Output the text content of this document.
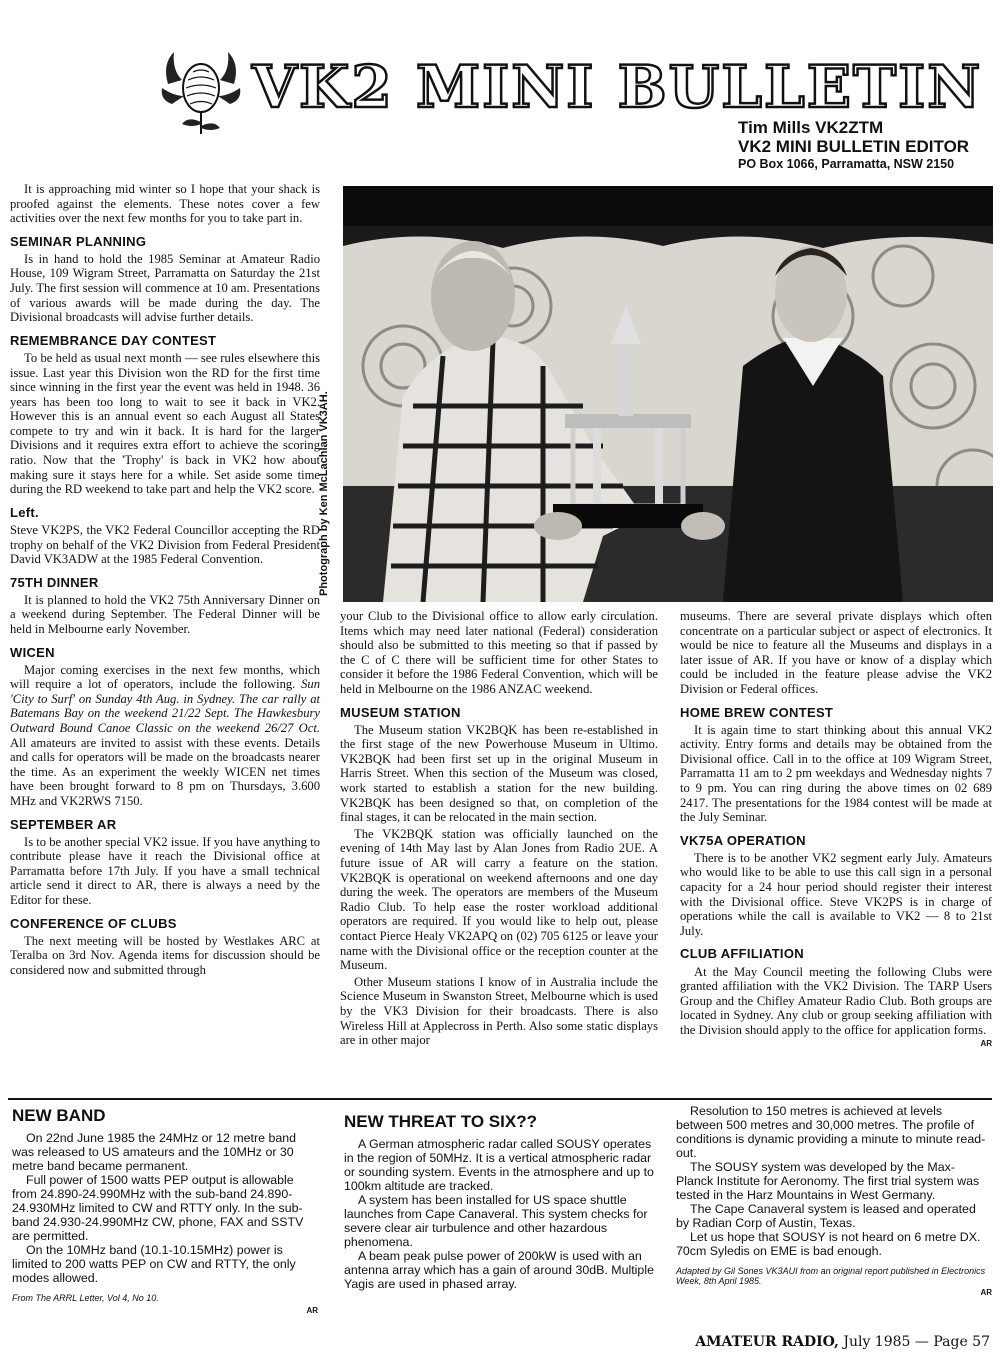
VK2 MINI BULLETIN
Tim Mills VK2ZTM
VK2 MINI BULLETIN EDITOR
PO Box 1066, Parramatta, NSW 2150

It is approaching mid winter so I hope that your shack is proofed against the elements. These notes cover a few activities over the next few months for you to take part in.

SEMINAR PLANNING

Is in hand to hold the 1985 Seminar at Amateur Radio House, 109 Wigram Street, Parramatta on Saturday the 21st July. The first session will commence at 10 am. Presentations of various awards will be made during the day. The Divisional broadcasts will advise further details.

REMEMBRANCE DAY CONTEST

To be held as usual next month — see rules elsewhere this issue. Last year this Division won the RD for the first time since winning in the first year the event was held in 1948. 36 years has been too long to wait to see it back in VK2. However this is an annual event so each August all States compete to try and win it back. It is hard for the larger Divisions and it requires extra effort to achieve the scoring ratio. Now that the 'Trophy' is back in VK2 how about making sure it stays here for a while. Set aside some time during the RD weekend to take part and help the VK2 score.

Left.

Steve VK2PS, the VK2 Federal Councillor accepting the RD trophy on behalf of the VK2 Division from Federal President David VK3ADW at the 1985 Federal Convention.

75TH DINNER

It is planned to hold the VK2 75th Anniversary Dinner on a weekend during September. The Federal Dinner will be held in Melbourne early November.

WICEN

Major coming exercises in the next few months, which will require a lot of operators, include the following. Sun 'City to Surf' on Sunday 4th Aug. in Sydney. The car rally at Batemans Bay on the weekend 21/22 Sept. The Hawkesbury Outward Bound Canoe Classic on the weekend 26/27 Oct. All amateurs are invited to assist with these events. Details and calls for operators will be made on the broadcasts nearer the time. As an experiment the weekly WICEN net times have been brought forward to 8 pm on Thursdays, 3.600 MHz and VK2RWS 7150.

SEPTEMBER AR

Is to be another special VK2 issue. If you have anything to contribute please have it reach the Divisional office at Parramatta before 17th July. If you have a small technical article send it direct to AR, there is always a need by the Editor for these.

CONFERENCE OF CLUBS

The next meeting will be hosted by Westlakes ARC at Teralba on 3rd Nov. Agenda items for discussion should be considered now and submitted through

Photograph by Ken McLachlan VK3AH.

your Club to the Divisional office to allow early circulation. Items which may need later national (Federal) consideration should also be submitted to this meeting so that if passed by the C of C there will be sufficient time for other States to consider it before the 1986 Federal Convention, which will be held in Melbourne on the 1986 ANZAC weekend.

MUSEUM STATION

The Museum station VK2BQK has been re-established in the first stage of the new Powerhouse Museum in Ultimo. VK2BQK had been first set up in the original Museum in Harris Street. When this section of the Museum was closed, work started to establish a station for the new building. VK2BQK has been designed so that, on completion of the final stages, it can be relocated in the main section.

The VK2BQK station was officially launched on the evening of 14th May last by Alan Jones from Radio 2UE. A future issue of AR will carry a feature on the station. VK2BQK is operational on weekend afternoons and one day during the week. The operators are members of the Museum Radio Club. To help ease the roster workload additional operators are required. If you would like to help out, please contact Pierce Healy VK2APQ on (02) 705 6125 or leave your name with the Divisional office or the reception counter at the Museum.

Other Museum stations I know of in Australia include the Science Museum in Swanston Street, Melbourne which is used by the VK3 Division for their broadcasts. There is also Wireless Hill at Applecross in Perth. Also some static displays are in other major

museums. There are several private displays which often concentrate on a particular subject or aspect of electronics. It would be nice to feature all the Museums and displays in a later issue of AR. If you have or know of a display which could be included in the feature please advise the VK2 Division or Federal offices.

HOME BREW CONTEST

It is again time to start thinking about this annual VK2 activity. Entry forms and details may be obtained from the Divisional office. Call in to the office at 109 Wigram Street, Parramatta 11 am to 2 pm weekdays and Wednesday nights 7 to 9 pm. You can ring during the above times on 02 689 2417. The presentations for the 1984 contest will be made at the July Seminar.

VK75A OPERATION

There is to be another VK2 segment early July. Amateurs who would like to be able to use this call sign in a personal capacity for a 24 hour period should register their interest with the Divisional office. Steve VK2PS is in charge of operations while the call is available to VK2 — 8 to 21st July.

CLUB AFFILIATION

At the May Council meeting the following Clubs were granted affiliation with the VK2 Division. The TARP Users Group and the Chifley Amateur Radio Club. Both groups are located in Sydney. Any club or group seeking affiliation with the Division should apply to the office for application forms.

AR
NEW BAND

On 22nd June 1985 the 24MHz or 12 metre band was released to US amateurs and the 10MHz or 30 metre band became permanent.

Full power of 1500 watts PEP output is allowable from 24.890-24.990MHz with the sub-band 24.890-24.930MHz limited to CW and RTTY only. In the sub-band 24.930-24.990MHz CW, phone, FAX and SSTV are permitted.

On the 10MHz band (10.1-10.15MHz) power is limited to 200 watts PEP on CW and RTTY, the only modes allowed.

From The ARRL Letter, Vol 4, No 10.
AR
NEW THREAT TO SIX??

A German atmospheric radar called SOUSY operates in the region of 50MHz. It is a vertical atmospheric radar or sounding system. Events in the atmosphere and up to 100km altitude are tracked.

A system has been installed for US space shuttle launches from Cape Canaveral. This system checks for severe clear air turbulence and other hazardous phenomena.

A beam peak pulse power of 200kW is used with an antenna array which has a gain of around 30dB. Multiple Yagis are used in phased array.

Resolution to 150 metres is achieved at levels between 500 metres and 30,000 metres. The profile of conditions is dynamic providing a minute to minute read-out.

The SOUSY system was developed by the Max-Planck Institute for Aeronomy. The first trial system was tested in the Harz Mountains in West Germany.

The Cape Canaveral system is leased and operated by Radian Corp of Austin, Texas.

Let us hope that SOUSY is not heard on 6 metre DX. 70cm Syledis on EME is bad enough.

Adapted by Gil Sones VK3AUI from an original report published in Electronics Week, 8th April 1985.
AR
AMATEUR RADIO, July 1985 — Page 57
